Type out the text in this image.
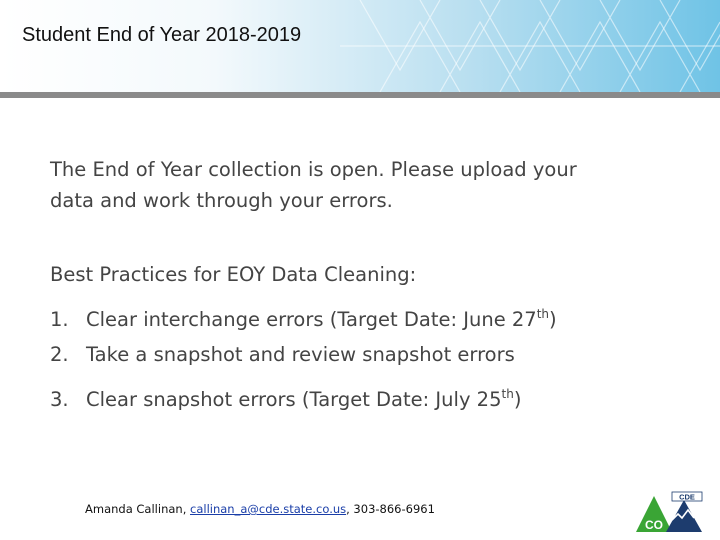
Student End of Year 2018-2019
The End of Year collection is open. Please upload your
data and work through your errors.
Best Practices for EOY Data Cleaning:
1. Clear interchange errors (Target Date: June 27th)
2. Take a snapshot and review snapshot errors
3. Clear snapshot errors (Target Date: July 25th)
Amanda Callinan, callinan_a@cde.state.co.us, 303-866-6961
CDE
CO
